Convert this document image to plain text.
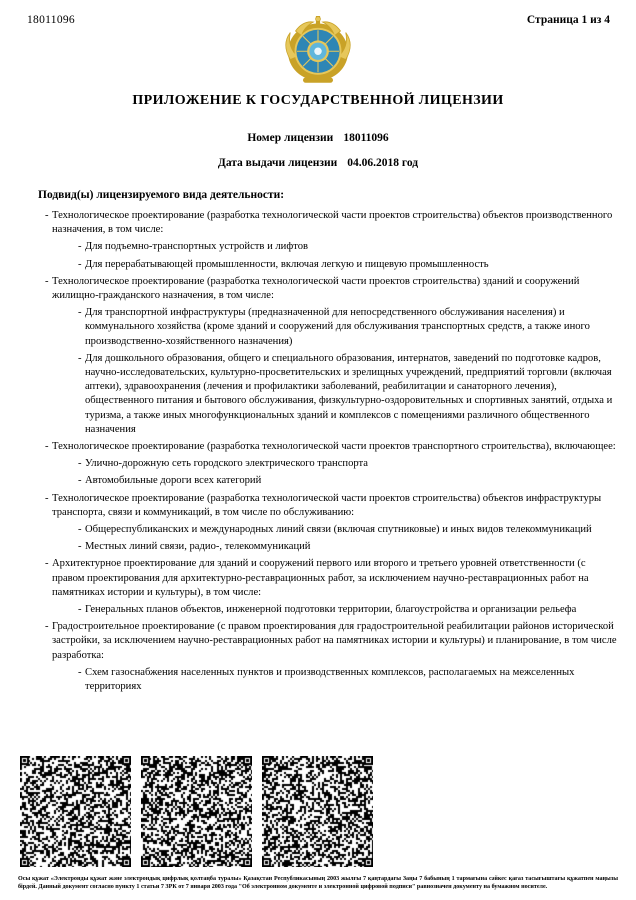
18011096	Страница 1 из 4
ПРИЛОЖЕНИЕ К ГОСУДАРСТВЕННОЙ ЛИЦЕНЗИИ
Номер лицензии 18011096
Дата выдачи лицензии 04.06.2018 год
Подвид(ы) лицензируемого вида деятельности:
- Технологическое проектирование (разработка технологической части проектов строительства) объектов производственного назначения, в том числе:
- Для подъемно-транспортных устройств и лифтов
- Для перерабатывающей промышленности, включая легкую и пищевую промышленность
- Технологическое проектирование (разработка технологической части проектов строительства) зданий и сооружений жилищно-гражданского назначения, в том числе:
- Для транспортной инфраструктуры (предназначенной для непосредственного обслуживания населения) и коммунального хозяйства (кроме зданий и сооружений для обслуживания транспортных средств, а также иного производственно-хозяйственного назначения)
- Для дошкольного образования, общего и специального образования, интернатов, заведений по подготовке кадров, научно-исследовательских, культурно-просветительских и зрелищных учреждений, предприятий торговли (включая аптеки), здравоохранения (лечения и профилактики заболеваний, реабилитации и санаторного лечения), общественного питания и бытового обслуживания, физкультурно-оздоровительных и спортивных занятий, отдыха и туризма, а также иных многофункциональных зданий и комплексов с помещениями различного общественного назначения
- Технологическое проектирование (разработка технологической части проектов транспортного строительства), включающее:
- Улично-дорожную сеть городского электрического транспорта
- Автомобильные дороги всех категорий
- Технологическое проектирование (разработка технологической части проектов строительства) объектов инфраструктуры транспорта, связи и коммуникаций, в том числе по обслуживанию:
- Общереспубликанских и международных линий связи (включая спутниковые) и иных видов телекоммуникаций
- Местных линий связи, радио-, телекоммуникаций
- Архитектурное проектирование для зданий и сооружений первого или второго и третьего уровней ответственности (с правом проектирования для архитектурно-реставрационных работ, за исключением научно-реставрационных работ на памятниках истории и культуры), в том числе:
- Генеральных планов объектов, инженерной подготовки территории, благоустройства и организации рельефа
- Градостроительное проектирование (с правом проектирования для градостроительной реабилитации районов исторической застройки, за исключением научно-реставрационных работ на памятниках истории и культуры) и планирование, в том числе разработка:
- Схем газоснабжения населенных пунктов и производственных комплексов, располагаемых на межселенных территориях
Осы құжат «Электронды құжат және электрондық цифрлық қолтаңба туралы» Қазақстан Республикасының 2003 жылғы 7 қаңтардағы Заңы 7 бабының 1 тармағына сәйкес қағаз тасығыштағы құжатпен маңызы бірдей. Данный документ согласно пункту 1 статьи 7 ЗРК от 7 января 2003 года "Об электронном документе и электронной цифровой подписи" равнозначен документу на бумажном носителе.
